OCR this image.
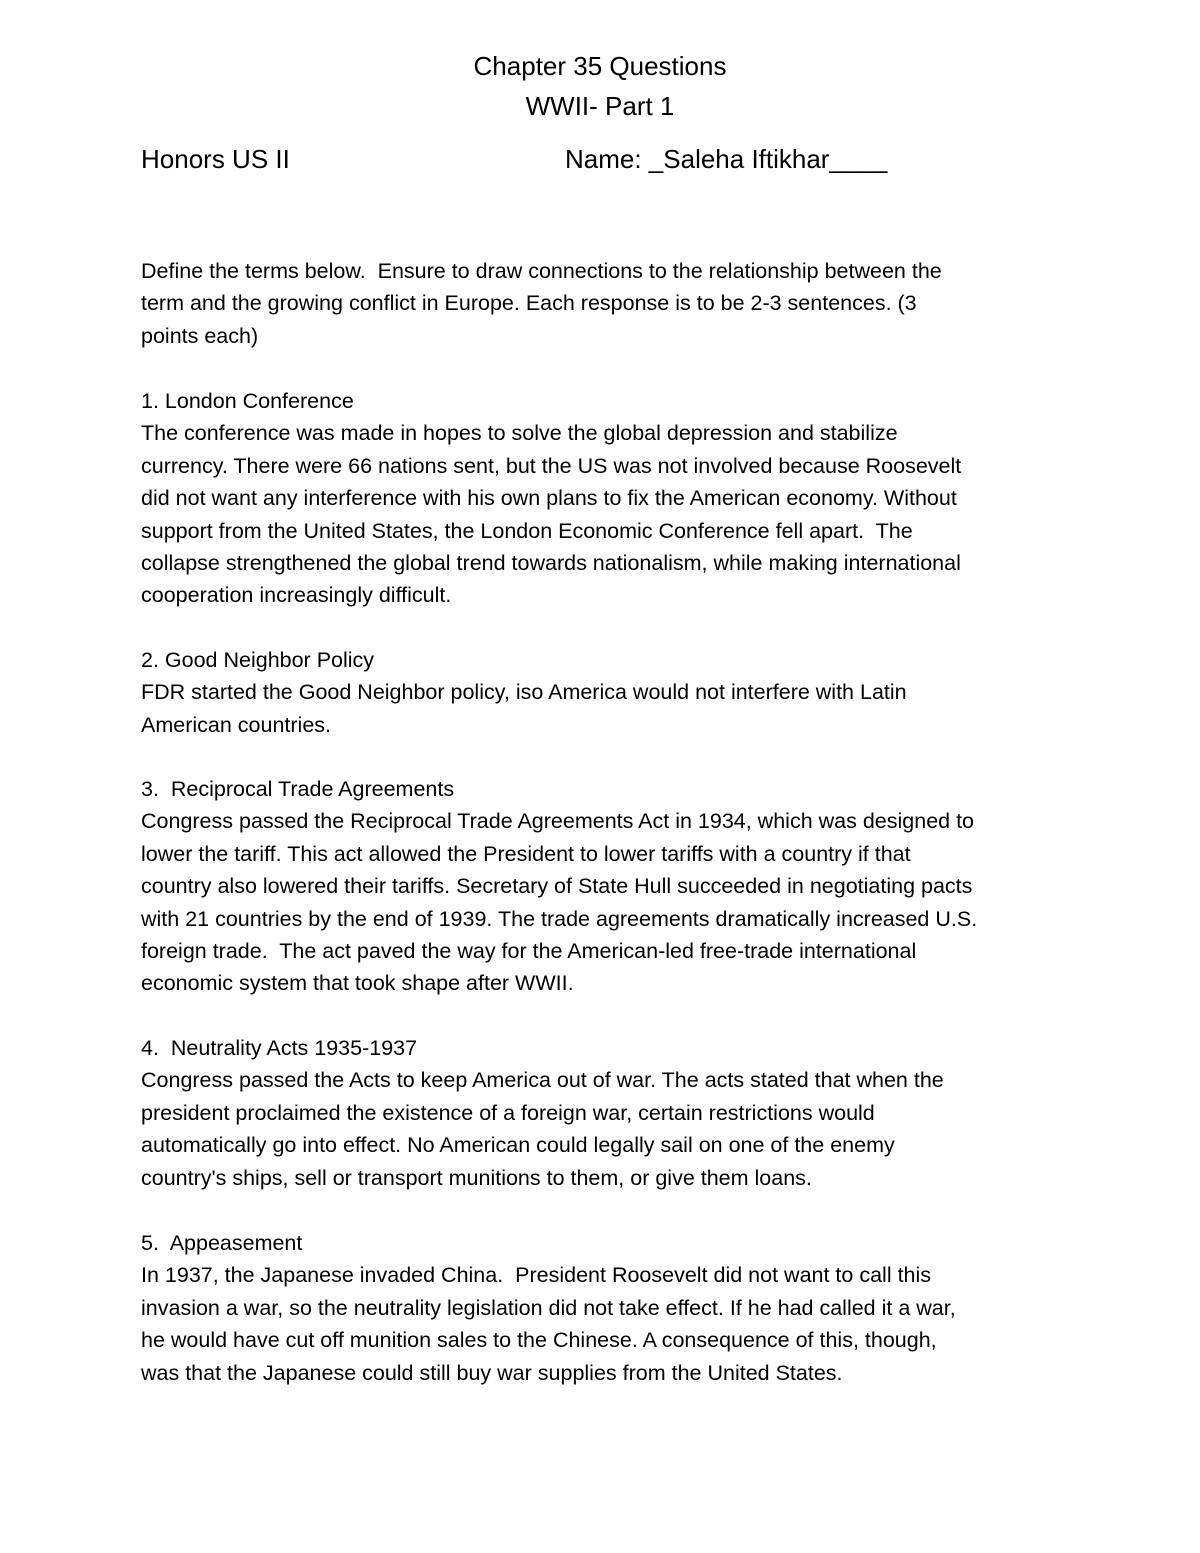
Chapter 35 Questions
WWII- Part 1
Honors US II	Name: _Saleha Iftikhar____
Define the terms below.  Ensure to draw connections to the relationship between the
term and the growing conflict in Europe. Each response is to be 2-3 sentences. (3
points each)
1. London Conference
The conference was made in hopes to solve the global depression and stabilize
currency. There were 66 nations sent, but the US was not involved because Roosevelt
did not want any interference with his own plans to fix the American economy. Without
support from the United States, the London Economic Conference fell apart.  The
collapse strengthened the global trend towards nationalism, while making international
cooperation increasingly difficult.
2. Good Neighbor Policy
FDR started the Good Neighbor policy, iso America would not interfere with Latin
American countries.
3.  Reciprocal Trade Agreements
Congress passed the Reciprocal Trade Agreements Act in 1934, which was designed to
lower the tariff. This act allowed the President to lower tariffs with a country if that
country also lowered their tariffs. Secretary of State Hull succeeded in negotiating pacts
with 21 countries by the end of 1939. The trade agreements dramatically increased U.S.
foreign trade.  The act paved the way for the American-led free-trade international
economic system that took shape after WWII.
4.  Neutrality Acts 1935-1937
Congress passed the Acts to keep America out of war. The acts stated that when the
president proclaimed the existence of a foreign war, certain restrictions would
automatically go into effect. No American could legally sail on one of the enemy
country's ships, sell or transport munitions to them, or give them loans.
5.  Appeasement
In 1937, the Japanese invaded China.  President Roosevelt did not want to call this
invasion a war, so the neutrality legislation did not take effect. If he had called it a war,
he would have cut off munition sales to the Chinese. A consequence of this, though,
was that the Japanese could still buy war supplies from the United States.
